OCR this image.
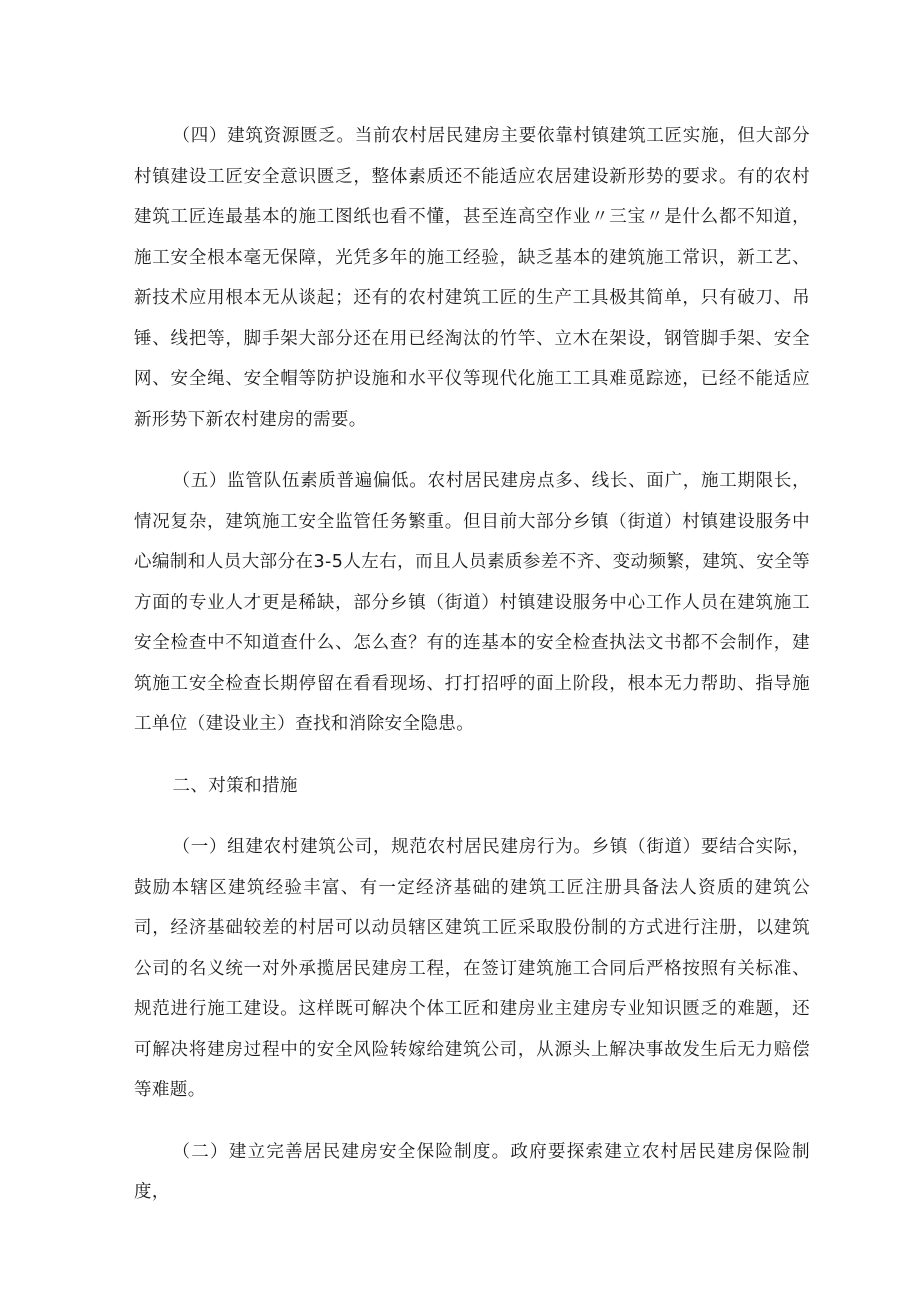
（四）建筑资源匮乏。当前农村居民建房主要依靠村镇建筑工匠实施，但大部分村镇建设工匠安全意识匮乏，整体素质还不能适应农居建设新形势的要求。有的农村建筑工匠连最基本的施工图纸也看不懂，甚至连高空作业〃三宝〃是什么都不知道，施工安全根本毫无保障，光凭多年的施工经验，缺乏基本的建筑施工常识，新工艺、新技术应用根本无从谈起；还有的农村建筑工匠的生产工具极其简单，只有破刀、吊锤、线把等，脚手架大部分还在用已经淘汰的竹竿、立木在架设，钢管脚手架、安全网、安全绳、安全帽等防护设施和水平仪等现代化施工工具难觅踪迹，已经不能适应新形势下新农村建房的需要。

（五）监管队伍素质普遍偏低。农村居民建房点多、线长、面广，施工期限长，情况复杂，建筑施工安全监管任务繁重。但目前大部分乡镇（街道）村镇建设服务中心编制和人员大部分在3-5人左右，而且人员素质参差不齐、变动频繁，建筑、安全等方面的专业人才更是稀缺，部分乡镇（街道）村镇建设服务中心工作人员在建筑施工安全检查中不知道查什么、怎么查？有的连基本的安全检查执法文书都不会制作，建筑施工安全检查长期停留在看看现场、打打招呼的面上阶段，根本无力帮助、指导施工单位（建设业主）查找和消除安全隐患。

二、对策和措施

（一）组建农村建筑公司，规范农村居民建房行为。乡镇（街道）要结合实际，鼓励本辖区建筑经验丰富、有一定经济基础的建筑工匠注册具备法人资质的建筑公司，经济基础较差的村居可以动员辖区建筑工匠采取股份制的方式进行注册，以建筑公司的名义统一对外承揽居民建房工程，在签订建筑施工合同后严格按照有关标准、规范进行施工建设。这样既可解决个体工匠和建房业主建房专业知识匮乏的难题，还可解决将建房过程中的安全风险转嫁给建筑公司，从源头上解决事故发生后无力赔偿等难题。

（二）建立完善居民建房安全保险制度。政府要探索建立农村居民建房保险制度，
